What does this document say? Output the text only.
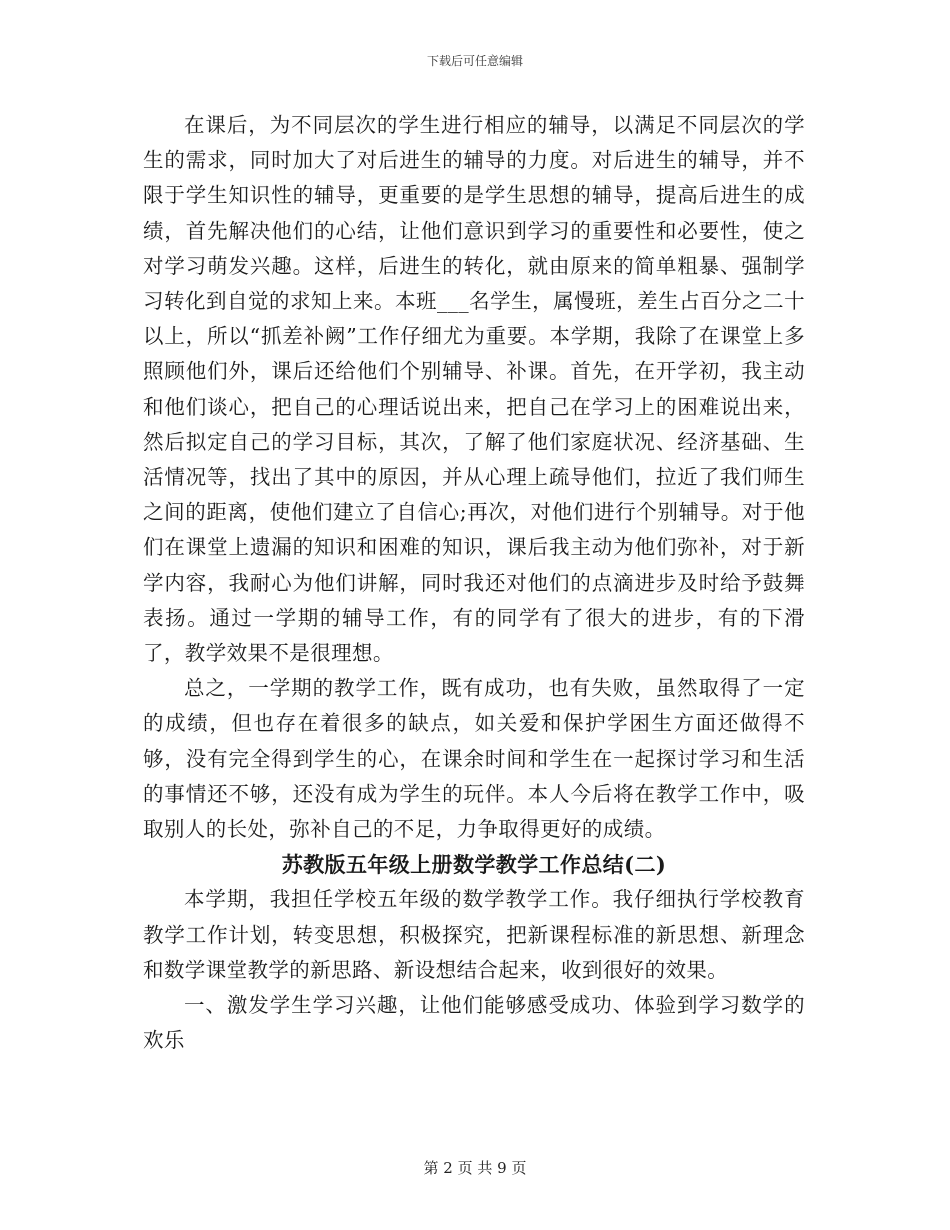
下载后可任意编辑

在课后，为不同层次的学生进行相应的辅导，以满足不同层次的学生的需求，同时加大了对后进生的辅导的力度。对后进生的辅导，并不限于学生知识性的辅导，更重要的是学生思想的辅导，提高后进生的成绩，首先解决他们的心结，让他们意识到学习的重要性和必要性，使之对学习萌发兴趣。这样，后进生的转化，就由原来的简单粗暴、强制学习转化到自觉的求知上来。本班___名学生，属慢班，差生占百分之二十以上，所以“抓差补阙”工作仔细尤为重要。本学期，我除了在课堂上多照顾他们外，课后还给他们个别辅导、补课。首先，在开学初，我主动和他们谈心，把自己的心理话说出来，把自己在学习上的困难说出来，然后拟定自己的学习目标，其次，了解了他们家庭状况、经济基础、生活情况等，找出了其中的原因，并从心理上疏导他们，拉近了我们师生之间的距离，使他们建立了自信心;再次，对他们进行个别辅导。对于他们在课堂上遗漏的知识和困难的知识，课后我主动为他们弥补，对于新学内容，我耐心为他们讲解，同时我还对他们的点滴进步及时给予鼓舞表扬。通过一学期的辅导工作，有的同学有了很大的进步，有的下滑了，教学效果不是很理想。

总之，一学期的教学工作，既有成功，也有失败，虽然取得了一定的成绩，但也存在着很多的缺点，如关爱和保护学困生方面还做得不够，没有完全得到学生的心，在课余时间和学生在一起探讨学习和生活的事情还不够，还没有成为学生的玩伴。本人今后将在教学工作中，吸取别人的长处，弥补自己的不足，力争取得更好的成绩。

苏教版五年级上册数学教学工作总结(二)

本学期，我担任学校五年级的数学教学工作。我仔细执行学校教育教学工作计划，转变思想，积极探究，把新课程标准的新思想、新理念和数学课堂教学的新思路、新设想结合起来，收到很好的效果。

一、激发学生学习兴趣，让他们能够感受成功、体验到学习数学的欢乐

第 2 页 共 9 页
